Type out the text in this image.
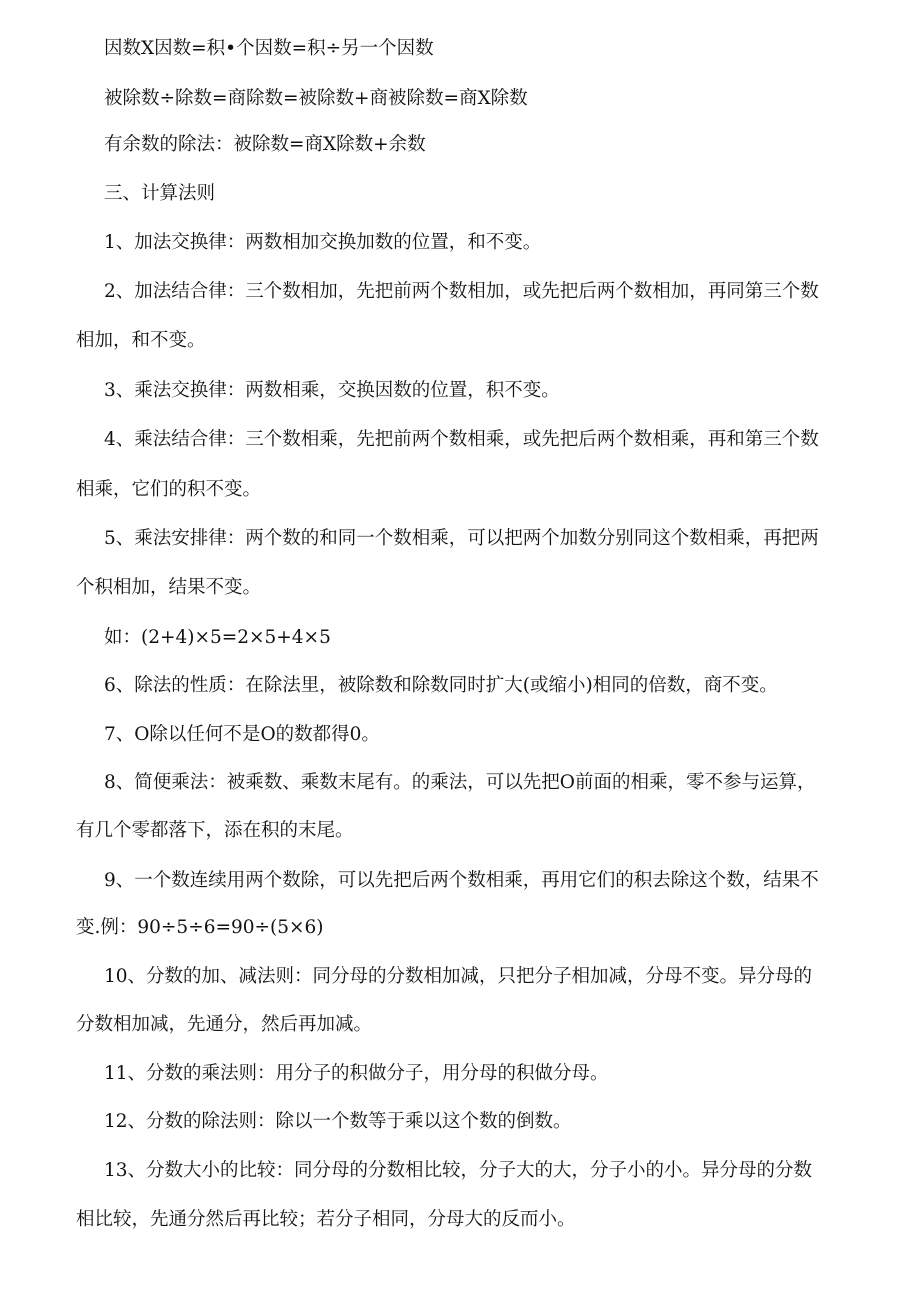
因数X因数=积•个因数=积÷另一个因数

被除数÷除数=商除数=被除数+商被除数=商X除数

有余数的除法：被除数=商X除数+余数

三、计算法则

1、加法交换律：两数相加交换加数的位置，和不变。

2、加法结合律：三个数相加，先把前两个数相加，或先把后两个数相加，再同第三个数

相加，和不变。

3、乘法交换律：两数相乘，交换因数的位置，积不变。

4、乘法结合律：三个数相乘，先把前两个数相乘，或先把后两个数相乘，再和第三个数

相乘，它们的积不变。

5、乘法安排律：两个数的和同一个数相乘，可以把两个加数分别同这个数相乘，再把两

个积相加，结果不变。

如：(2+4)×5=2×5+4×5

6、除法的性质：在除法里，被除数和除数同时扩大(或缩小)相同的倍数，商不变。

7、O除以任何不是O的数都得0。

8、简便乘法：被乘数、乘数末尾有。的乘法，可以先把O前面的相乘，零不参与运算，

有几个零都落下，添在积的末尾。

9、一个数连续用两个数除，可以先把后两个数相乘，再用它们的积去除这个数，结果不

变.例：90÷5÷6=90÷(5×6)

10、分数的加、减法则：同分母的分数相加减，只把分子相加减，分母不变。异分母的

分数相加减，先通分，然后再加减。

11、分数的乘法则：用分子的积做分子，用分母的积做分母。

12、分数的除法则：除以一个数等于乘以这个数的倒数。

13、分数大小的比较：同分母的分数相比较，分子大的大，分子小的小。异分母的分数

相比较，先通分然后再比较；若分子相同，分母大的反而小。
